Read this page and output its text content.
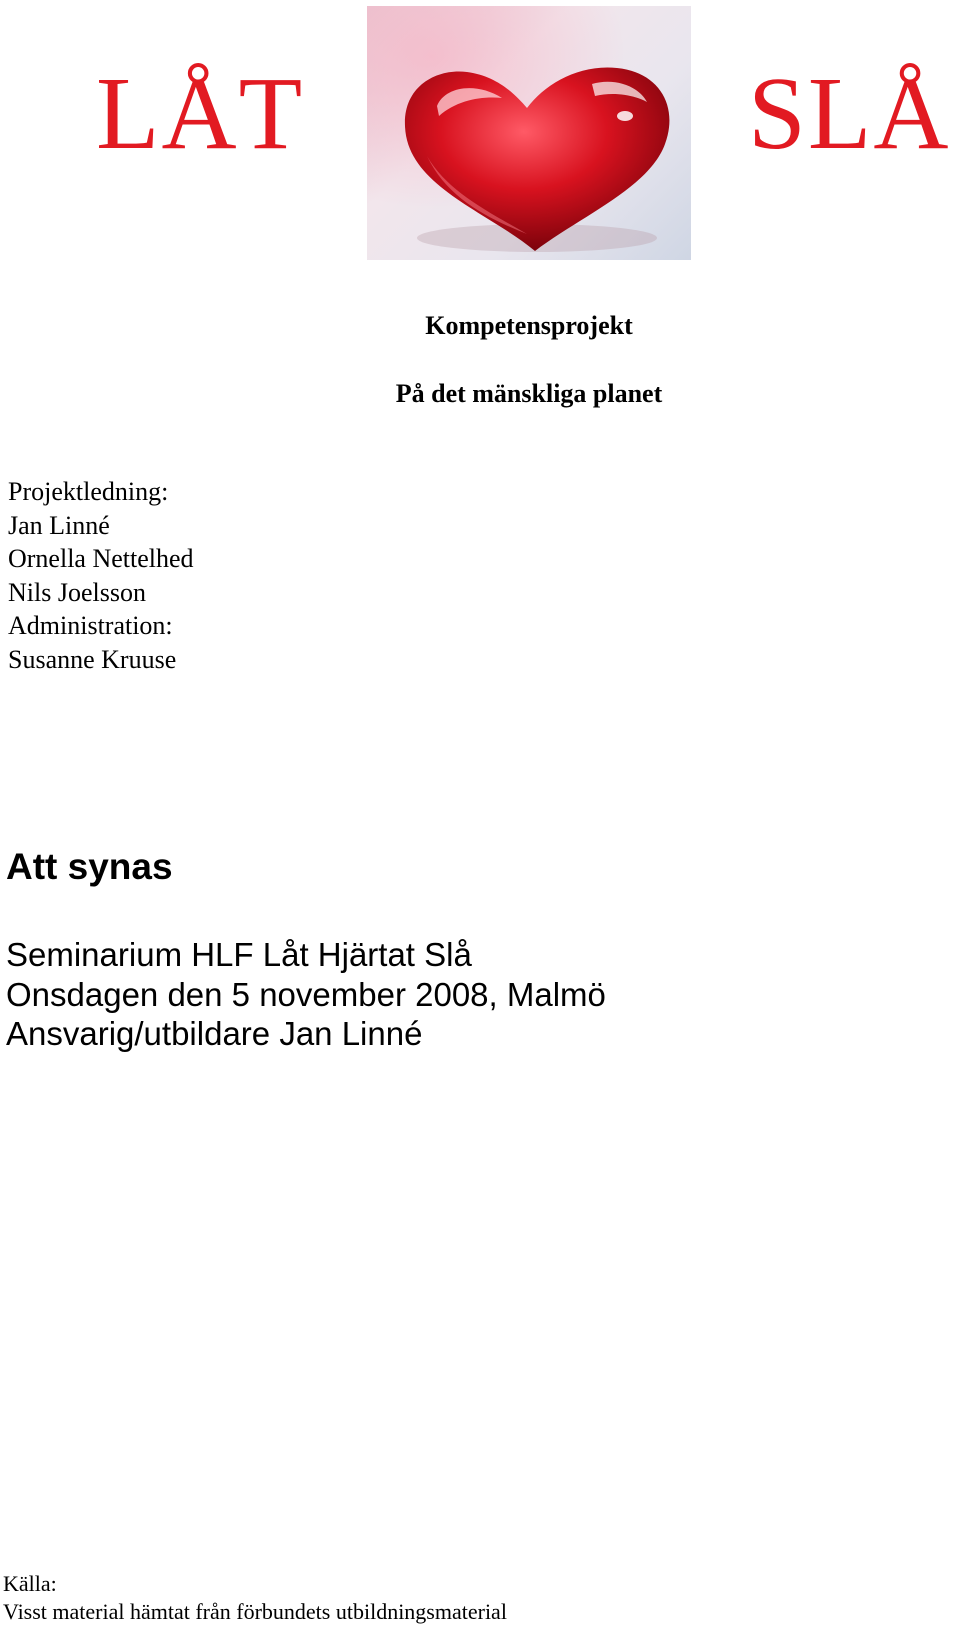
LÅT	SLÅ
Kompetensprojekt
På det mänskliga planet
Projektledning:
Jan Linné
Ornella Nettelhed
Nils Joelsson
Administration:
Susanne Kruuse
Att synas
Seminarium HLF Låt Hjärtat Slå
Onsdagen den 5 november 2008, Malmö
Ansvarig/utbildare Jan Linné
Källa:
Visst material hämtat från förbundets utbildningsmaterial
